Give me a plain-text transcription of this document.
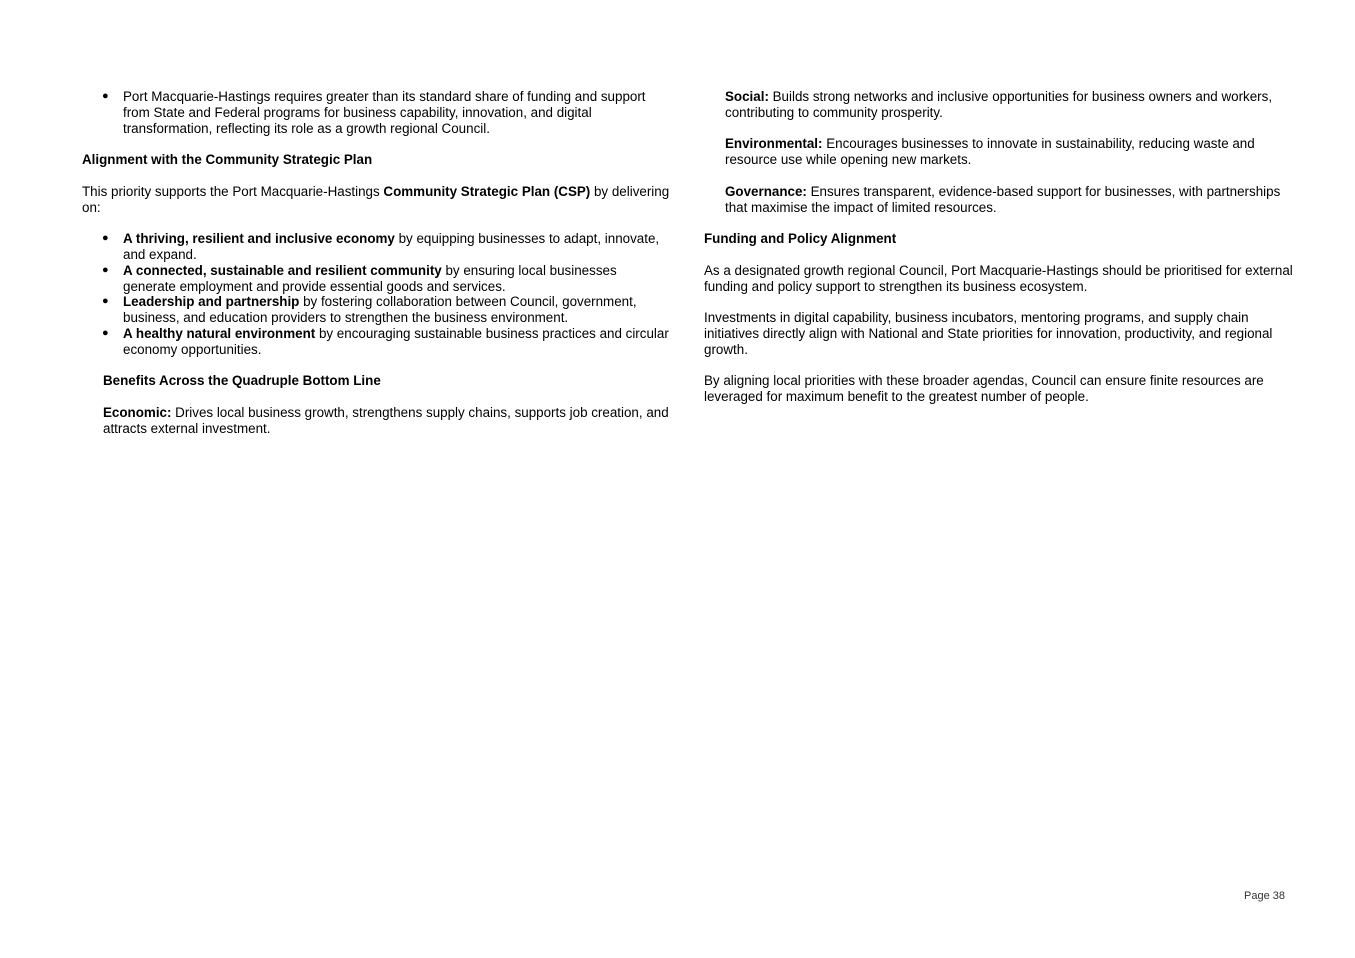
● Port Macquarie-Hastings requires greater than its standard share of funding and support from State and Federal programs for business capability, innovation, and digital transformation, reflecting its role as a growth regional Council.

Alignment with the Community Strategic Plan

This priority supports the Port Macquarie-Hastings Community Strategic Plan (CSP) by delivering on:

● A thriving, resilient and inclusive economy by equipping businesses to adapt, innovate, and expand.
● A connected, sustainable and resilient community by ensuring local businesses generate employment and provide essential goods and services.
● Leadership and partnership by fostering collaboration between Council, government, business, and education providers to strengthen the business environment.
● A healthy natural environment by encouraging sustainable business practices and circular economy opportunities.

Benefits Across the Quadruple Bottom Line

Economic: Drives local business growth, strengthens supply chains, supports job creation, and attracts external investment.

Social: Builds strong networks and inclusive opportunities for business owners and workers, contributing to community prosperity.

Environmental: Encourages businesses to innovate in sustainability, reducing waste and resource use while opening new markets.

Governance: Ensures transparent, evidence-based support for businesses, with partnerships that maximise the impact of limited resources.

Funding and Policy Alignment

As a designated growth regional Council, Port Macquarie-Hastings should be prioritised for external funding and policy support to strengthen its business ecosystem.

Investments in digital capability, business incubators, mentoring programs, and supply chain initiatives directly align with National and State priorities for innovation, productivity, and regional growth.

By aligning local priorities with these broader agendas, Council can ensure finite resources are leveraged for maximum benefit to the greatest number of people.

Page 38
